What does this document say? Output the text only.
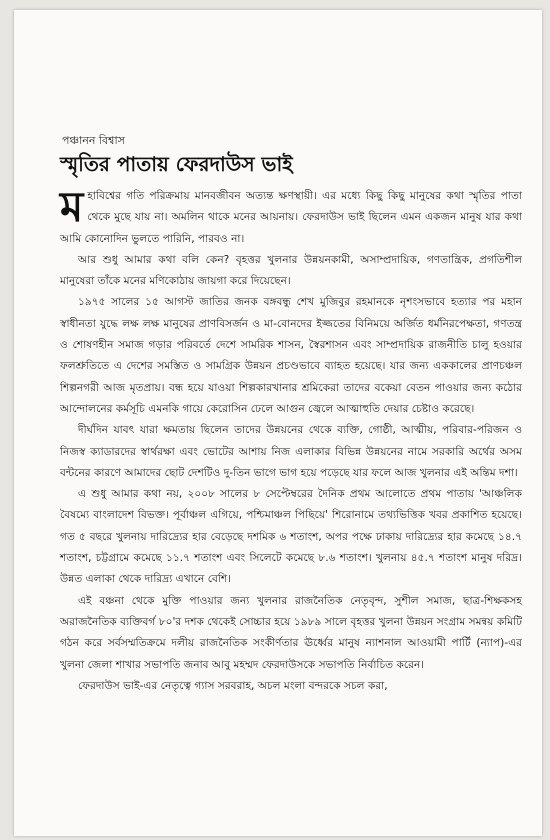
পঞ্চানন বিশ্বাস
স্মৃতির পাতায় ফেরদাউস ভাই

মহাবিশ্বের গতি পরিক্রমায় মানবজীবন অত্যন্ত ক্ষণস্থায়ী। এর মধ্যে কিছু কিছু মানুষের কথা স্মৃতির পাতা থেকে মুছে যায় না। অমলিন থাকে মনের আয়নায়। ফেরদাউস ভাই ছিলেন এমন একজন মানুষ যার কথা আমি কোনোদিন ভুলতে পারিনি, পারবও না।

আর শুধু আমার কথা বলি কেন? বৃহত্তর খুলনার উন্নয়নকামী, অসাম্প্রদায়িক, গণতান্ত্রিক, প্রগতিশীল মানুষেরা তাঁকে মনের মণিকোঠায় জায়গা করে দিয়েছেন।

১৯৭৫ সালের ১৫ আগস্ট জাতির জনক বঙ্গবন্ধু শেখ মুজিবুর রহমানকে নৃশংসভাবে হত্যার পর মহান স্বাধীনতা যুদ্ধে লক্ষ লক্ষ মানুষের প্রাণবিসর্জন ও মা-বোনদের ইজ্জতের বিনিময়ে অর্জিত ধর্মনিরপেক্ষতা, গণতন্ত্র ও শোষণহীন সমাজ গড়ার পরিবর্তে দেশে সামরিক শাসন, স্বৈরশাসন এবং সাম্প্রদায়িক রাজনীতি চালু হওয়ার ফলশ্রুতিতে এ দেশের সমস্তিত ও সামগ্রিক উন্নয়ন প্রচণ্ডভাবে ব্যাহত হয়েছে। যার জন্য এককালের প্রাণচঞ্চল শিল্পনগরী আজ মৃতপ্রায়। বন্ধ হয়ে যাওয়া শিল্পকারখানার শ্রমিকেরা তাদের বকেয়া বেতন পাওয়ার জন্য কঠোর আন্দোলনের কর্মসূচি এমনকি গায়ে কেরোসিন ঢেলে আগুন জ্বেলে আত্মাহুতি দেয়ার চেষ্টাও করেছে।

দীর্ঘদিন যাবৎ যারা ক্ষমতায় ছিলেন তাদের উন্নয়নের থেকে ব্যক্তি, গোষ্ঠী, আত্মীয়, পরিবার-পরিজন ও নিজস্ব ক্যাডারদের স্বার্থরক্ষা এবং ভোটের আশায় নিজ এলাকার বিভিন্ন উন্নয়নের নামে সরকারি অর্থের অসম বন্টনের কারণে আমাদের ছোট দেশটিও দু-তিন ভাগে ভাগ হয়ে পড়েছে যার ফলে আজ খুলনার এই অন্তিম দশা।

এ শুধু আমার কথা নয়, ২০০৮ সালের ৮ সেপ্টেম্বরের দৈনিক প্রথম আলোতে প্রথম পাতায় 'আঞ্চলিক বৈষম্যে বাংলাদেশ বিভক্ত। পূর্বাঞ্চল এগিয়ে, পশ্চিমাঞ্চল পিছিয়ে' শিরোনামে তথ্যভিত্তিক খবর প্রকাশিত হয়েছে। গত ৫ বছরে খুলনায় দারিদ্র্যের হার বেড়েছে দশমিক ৬ শতাংশ, অপর পক্ষে ঢাকায় দারিদ্র্যের হার কমেছে ১৪.৭ শতাংশ, চট্টগ্রামে কমেছে ১১.৭ শতাংশ এবং সিলেটে কমেছে ৮.৬ শতাংশ। খুলনায় ৪৫.৭ শতাংশ মানুষ দরিদ্র। উন্নত এলাকা থেকে দারিদ্র্য এখানে বেশি।

এই বঞ্চনা থেকে মুক্তি পাওয়ার জন্য খুলনার রাজনৈতিক নেতৃবৃন্দ, সুশীল সমাজ, ছাত্র-শিক্ষকসহ অরাজনৈতিক ব্যক্তিবর্গ ৮০'র দশক থেকেই সোচ্চার হয়ে ১৯৮৯ সালে বৃহত্তর খুলনা উন্নয়ন সংগ্রাম সমন্বয় কমিটি গঠন করে সর্বসম্মতিক্রমে দলীয় রাজনৈতিক সংকীর্ণতার ঊর্ধ্বের মানুষ ন্যাশনাল আওয়ামী পার্টি (ন্যাপ)-এর খুলনা জেলা শাখার সভাপতি জনাব আবু মহম্মদ ফেরদাউসকে সভাপতি নির্বাচিত করেন।

ফেরদাউস ভাই-এর নেতৃত্বে গ্যাস সরবরাহ, অচল মংলা বন্দরকে সচল করা,
